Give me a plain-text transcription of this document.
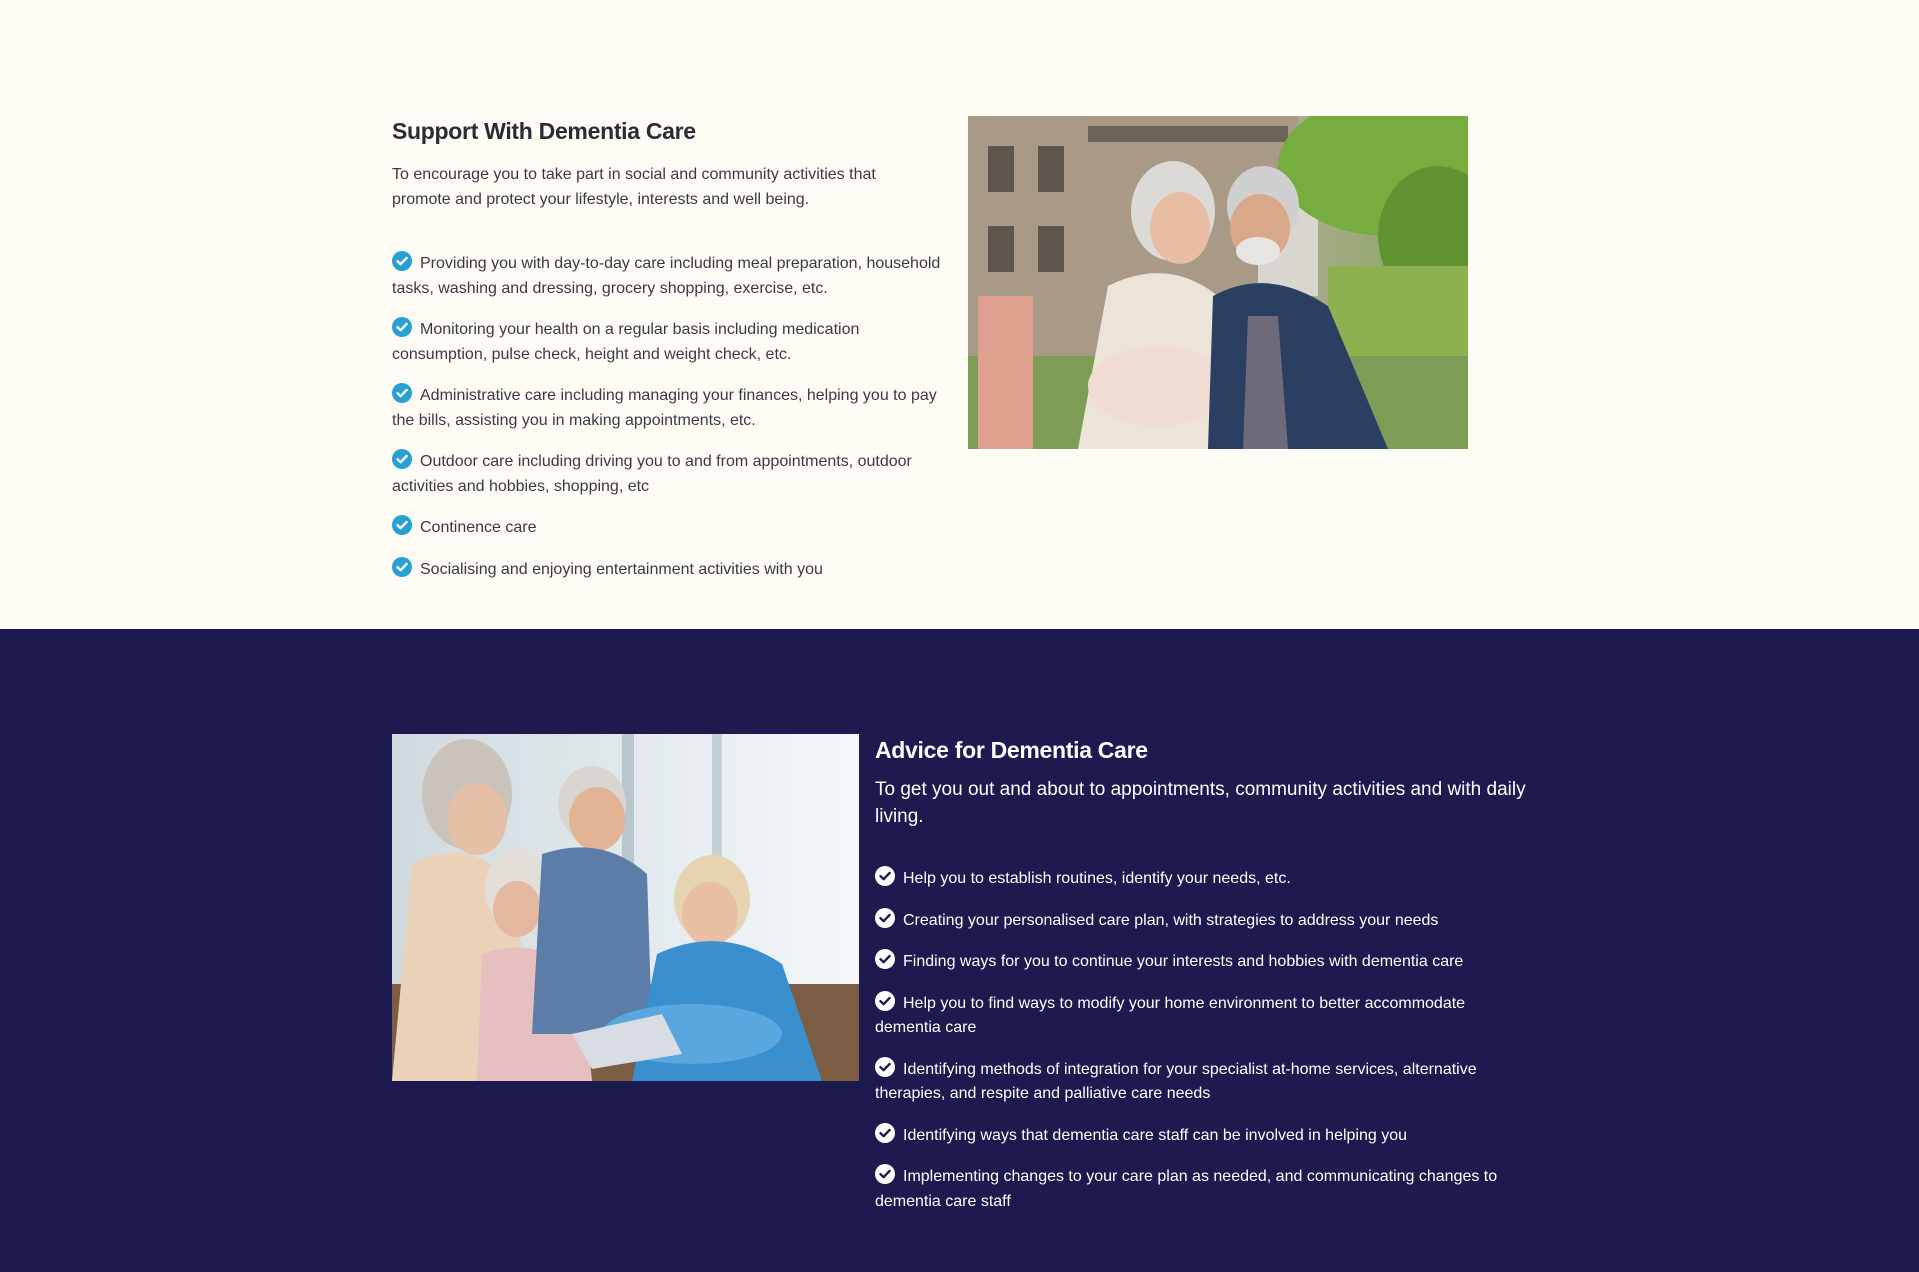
Support With Dementia Care

To encourage you to take part in social and community activities that promote and protect your lifestyle, interests and well being.

Providing you with day-to-day care including meal preparation, household tasks, washing and dressing, grocery shopping, exercise, etc.
Monitoring your health on a regular basis including medication consumption, pulse check, height and weight check, etc.
Administrative care including managing your finances, helping you to pay the bills, assisting you in making appointments, etc.
Outdoor care including driving you to and from appointments, outdoor activities and hobbies, shopping, etc
Continence care
Socialising and enjoying entertainment activities with you
Advice for Dementia Care

To get you out and about to appointments, community activities and with daily living.

Help you to establish routines, identify your needs, etc.
Creating your personalised care plan, with strategies to address your needs
Finding ways for you to continue your interests and hobbies with dementia care
Help you to find ways to modify your home environment to better accommodate dementia care
Identifying methods of integration for your specialist at-home services, alternative therapies, and respite and palliative care needs
Identifying ways that dementia care staff can be involved in helping you
Implementing changes to your care plan as needed, and communicating changes to dementia care staff
